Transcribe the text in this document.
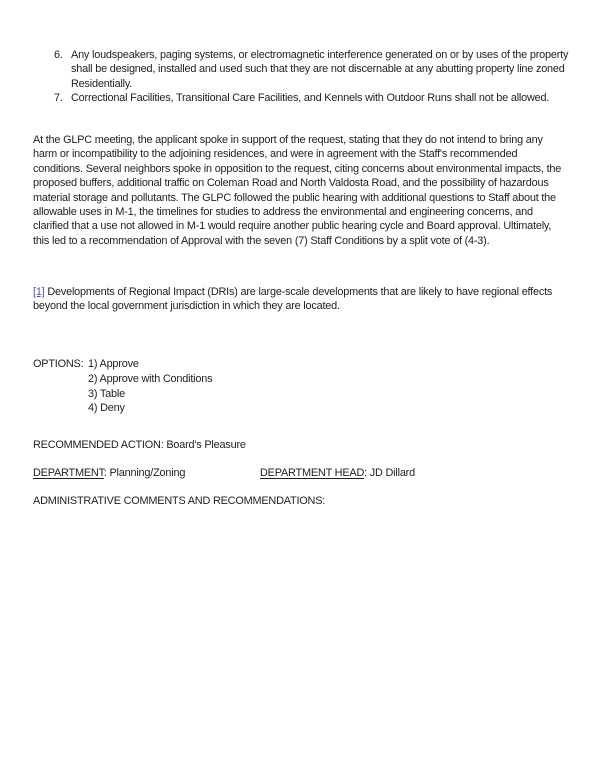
6. Any loudspeakers, paging systems, or electromagnetic interference generated on or by uses of the property shall be designed, installed and used such that they are not discernable at any abutting property line zoned Residentially.
7. Correctional Facilities, Transitional Care Facilities, and Kennels with Outdoor Runs shall not be allowed.
At the GLPC meeting, the applicant spoke in support of the request, stating that they do not intend to bring any harm or incompatibility to the adjoining residences, and were in agreement with the Staff's recommended conditions. Several neighbors spoke in opposition to the request, citing concerns about environmental impacts, the proposed buffers, additional traffic on Coleman Road and North Valdosta Road, and the possibility of hazardous material storage and pollutants. The GLPC followed the public hearing with additional questions to Staff about the allowable uses in M-1, the timelines for studies to address the environmental and engineering concerns, and clarified that a use not allowed in M-1 would require another public hearing cycle and Board approval. Ultimately, this led to a recommendation of Approval with the seven (7) Staff Conditions by a split vote of (4-3).
[1] Developments of Regional Impact (DRIs) are large-scale developments that are likely to have regional effects beyond the local government jurisdiction in which they are located.
OPTIONS: 1) Approve
2) Approve with Conditions
3) Table
4) Deny
RECOMMENDED ACTION: Board's Pleasure
DEPARTMENT: Planning/Zoning	DEPARTMENT HEAD: JD Dillard
ADMINISTRATIVE COMMENTS AND RECOMMENDATIONS:
